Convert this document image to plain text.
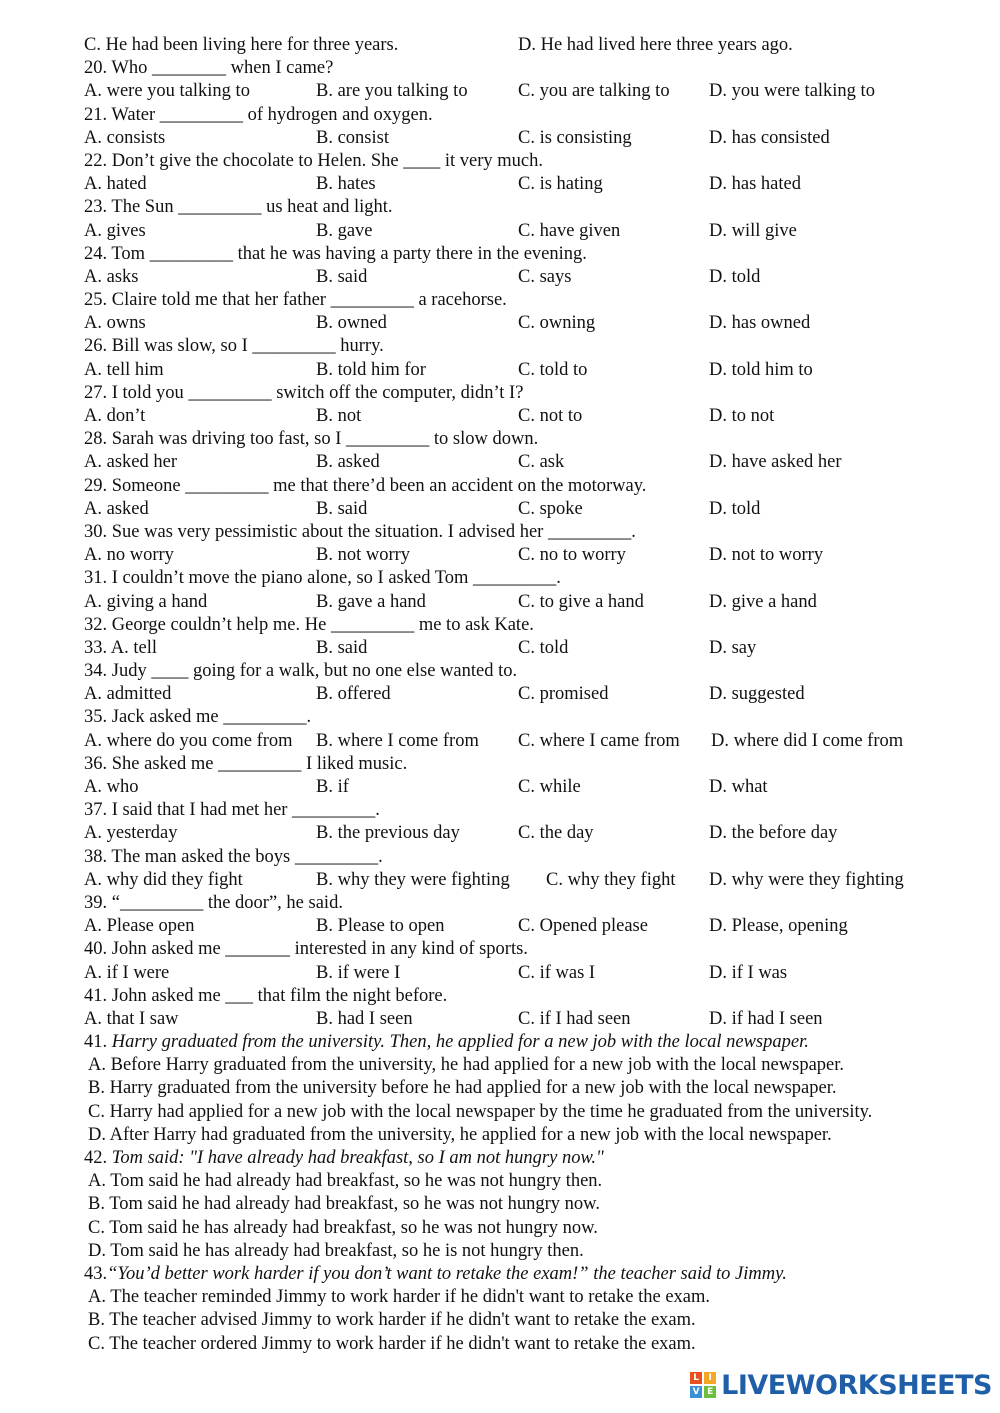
C. He had been living here for three years.	D. He had lived here three years ago.
20. Who ________ when I came?
A. were you talking to	B. are you talking to	C. you are talking to D. you were talking to
21. Water _________ of hydrogen and oxygen.
A. consists	B. consist	C. is consisting	D. has consisted
22. Don’t give the chocolate to Helen. She ____ it very much.
A. hated	B. hates	C. is hating	D. has hated
23. The Sun _________ us heat and light.
A. gives	B. gave	C. have given	D. will give
24. Tom _________ that he was having a party there in the evening.
A. asks	B. said	C. says	D. told
25. Claire told me that her father _________ a racehorse.
A. owns	B. owned	C. owning	D. has owned
26. Bill was slow, so I _________ hurry.
A. tell him	B. told him for	C. told to	D. told him to
27. I told you _________ switch off the computer, didn’t I?
A. don’t	B. not	C. not to	D. to not
28. Sarah was driving too fast, so I _________ to slow down.
A. asked her	B. asked	C. ask	D. have asked her
29. Someone _________ me that there’d been an accident on the motorway.
A. asked	B. said	C. spoke	D. told
30. Sue was very pessimistic about the situation. I advised her _________.
A. no worry	B. not worry	C. no to worry	D. not to worry
31. I couldn’t move the piano alone, so I asked Tom _________.
A. giving a hand	B. gave a hand	C. to give a hand	D. give a hand
32. George couldn’t help me. He _________ me to ask Kate.
33. A. tell	B. said	C. told	D. say
34. Judy ____ going for a walk, but no one else wanted to.
A. admitted	B. offered	C. promised	D. suggested
35. Jack asked me _________.
A. where do you come from B. where I come from C. where I came from D. where did I come from
36. She asked me _________ I liked music.
A. who	B. if	C. while	D. what
37. I said that I had met her _________.
A. yesterday	B. the previous day	C. the day	D. the before day
38. The man asked the boys _________.
A. why did they fight	B. why they were fighting C. why they fight D. why were they fighting
39. “_________ the door”, he said.
A. Please open	B. Please to open	C. Opened please	D. Please, opening
40. John asked me _______ interested in any kind of sports.
A. if I were	B. if were I	C. if was I	D. if I was
41. John asked me ___ that film the night before.
A. that I saw	B. had I seen	C. if I had seen	D. if had I seen
41. Harry graduated from the university. Then, he applied for a new job with the local newspaper.
A. Before Harry graduated from the university, he had applied for a new job with the local newspaper.
B. Harry graduated from the university before he had applied for a new job with the local newspaper.
C. Harry had applied for a new job with the local newspaper by the time he graduated from the university.
D. After Harry had graduated from the university, he applied for a new job with the local newspaper.
42. Tom said: "I have already had breakfast, so I am not hungry now."
A. Tom said he had already had breakfast, so he was not hungry then.
B. Tom said he had already had breakfast, so he was not hungry now.
C. Tom said he has already had breakfast, so he was not hungry now.
D. Tom said he has already had breakfast, so he is not hungry then.
43.“You’d better work harder if you don’t want to retake the exam!” the teacher said to Jimmy.
A. The teacher reminded Jimmy to work harder if he didn't want to retake the exam.
B. The teacher advised Jimmy to work harder if he didn't want to retake the exam.
C. The teacher ordered Jimmy to work harder if he didn't want to retake the exam.
L	I
V E LIVEWORKSHEETS
